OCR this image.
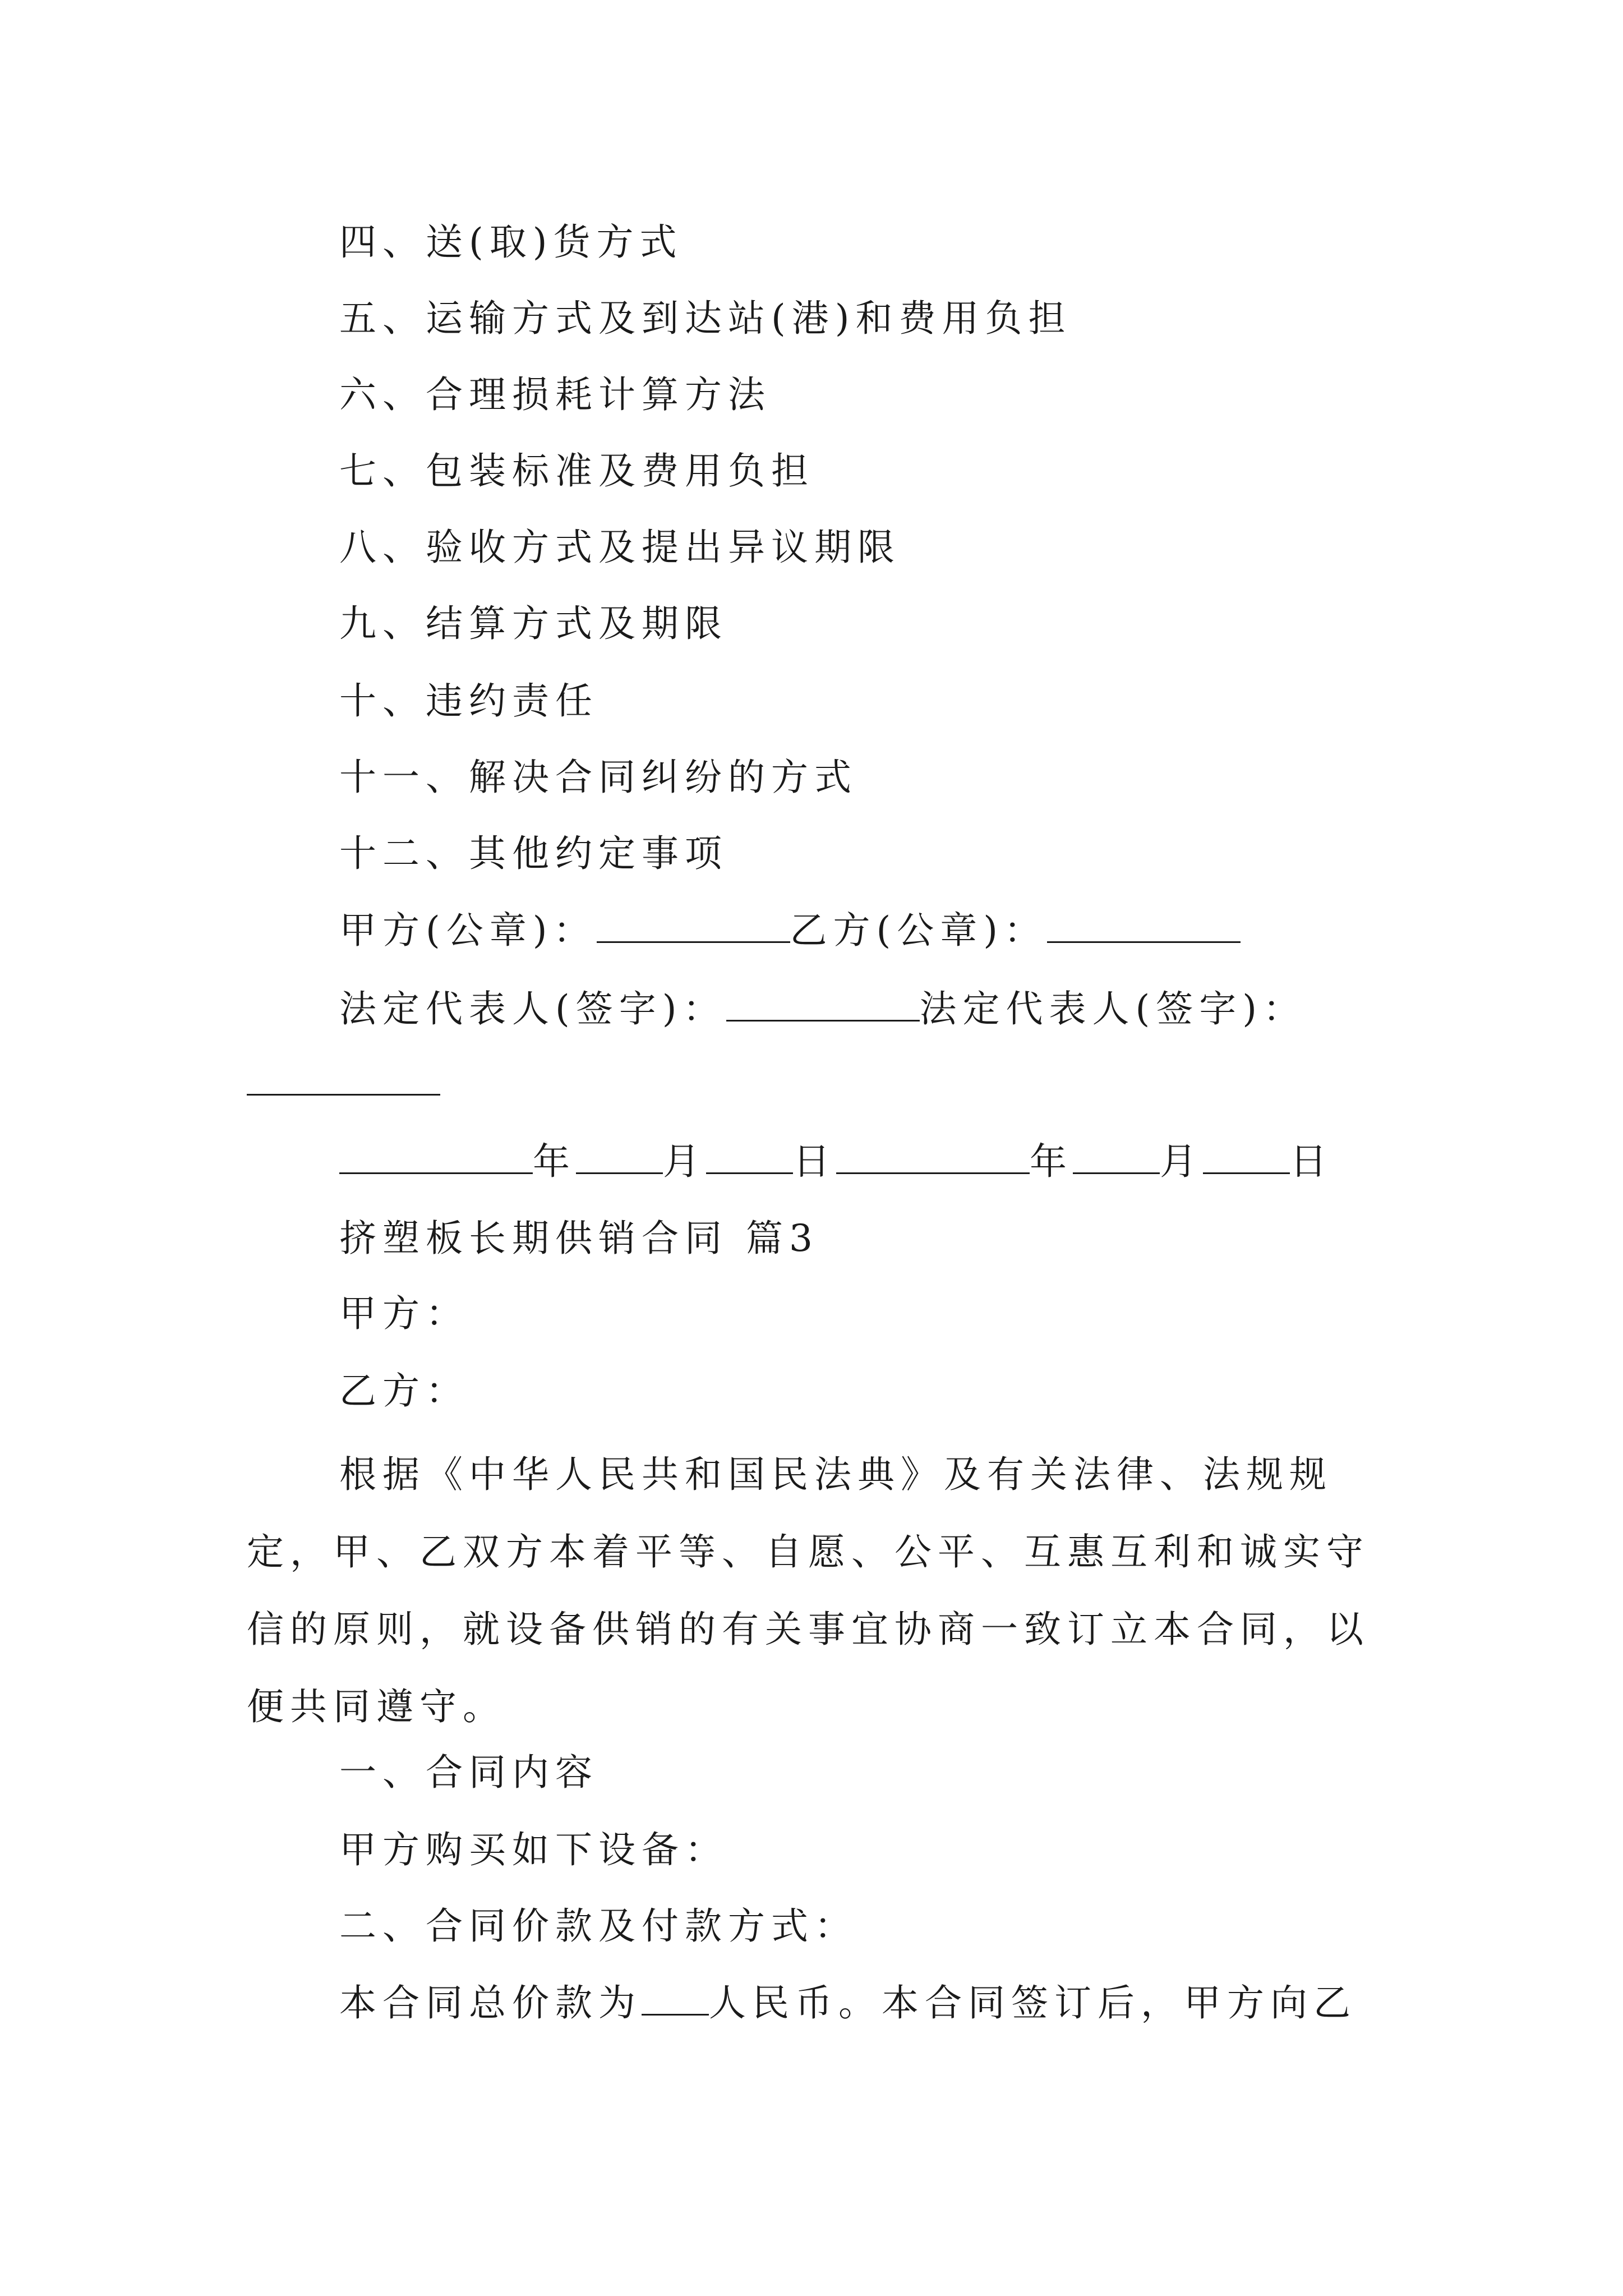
四、送(取)货方式
五、运输方式及到达站(港)和费用负担
六、合理损耗计算方法
七、包装标准及费用负担
八、验收方式及提出异议期限
九、结算方式及期限
十、违约责任
十一、解决合同纠纷的方式
十二、其他约定事项
甲方(公章)：	乙方(公章)：
法定代表人(签字)：	法定代表人(签字)：
年 月 日	年 月 日
挤塑板长期供销合同 篇3
甲方：
乙方：
根据《中华人民共和国民法典》及有关法律、法规规定，甲、乙双方本着平等、自愿、公平、互惠互利和诚实守信的原则，就设备供销的有关事宜协商一致订立本合同，以便共同遵守。
一、合同内容
甲方购买如下设备：
二、合同价款及付款方式：
本合同总价款为 人民币。本合同签订后，甲方向乙
